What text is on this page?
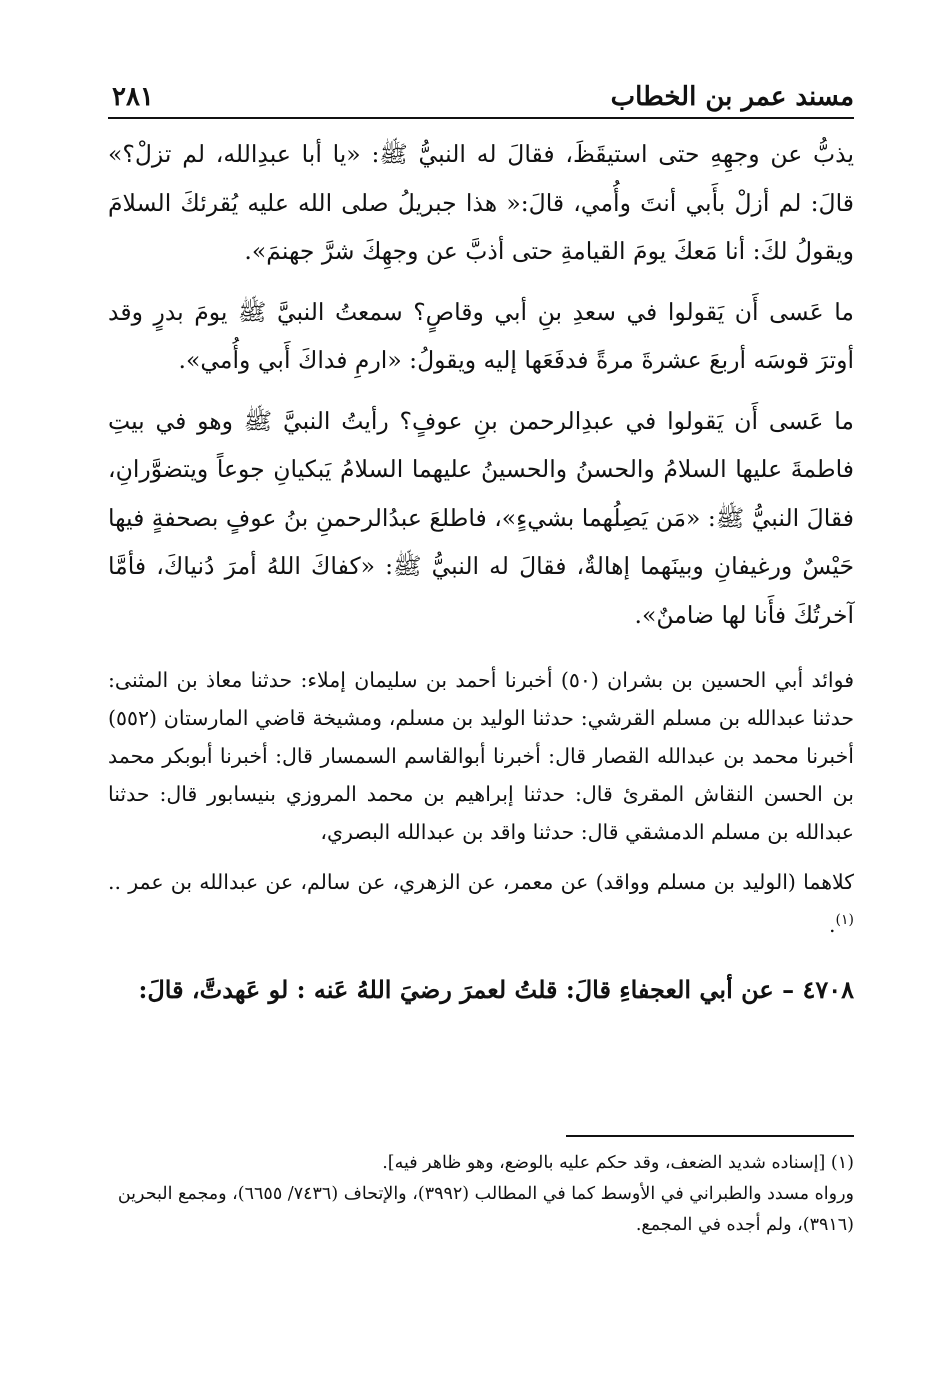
مسند عمر بن الخطاب
٢٨١

يذبُّ عن وجهِهِ حتى استيقَظَ، فقالَ له النبيُّ ﷺ: «يا أبا عبدِالله، لم تزلْ؟» قالَ: لم أزلْ بأَبي أنتَ وأُمي، قالَ:« هذا جبريلُ صلى الله عليه يُقرئكَ السلامَ ويقولُ لكَ: أنا مَعكَ يومَ القيامةِ حتى أذبَّ عن وجهِكَ شرَّ جهنمَ».

ما عَسى أَن يَقولوا في سعدِ بنِ أبي وقاصٍ؟ سمعتُ النبيَّ ﷺ يومَ بدرٍ وقد أوترَ قوسَه أربعَ عشرةَ مرةً فدفَعَها إليه ويقولُ: «ارمِ فداكَ أَبي وأُمي».

ما عَسى أَن يَقولوا في عبدِالرحمن بنِ عوفٍ؟ رأيتُ النبيَّ ﷺ وهو في بيتِ فاطمةَ عليها السلامُ والحسنُ والحسينُ عليهما السلامُ يَبكيانِ جوعاً ويتضوَّرانِ، فقالَ النبيُّ ﷺ: «مَن يَصِلُهما بشيءٍ»، فاطلعَ عبدُالرحمنِ بنُ عوفٍ بصحفةٍ فيها حَيْسٌ ورغيفانِ وبينَهما إهالةٌ، فقالَ له النبيُّ ﷺ: «كفاكَ اللهُ أمرَ دُنياكَ، فأمَّا آخرتُكَ فأَنا لها ضامنٌ».

فوائد أبي الحسين بن بشران (٥٠) أخبرنا أحمد بن سليمان إملاء: حدثنا معاذ بن المثنى: حدثنا عبدالله بن مسلم القرشي: حدثنا الوليد بن مسلم، ومشيخة قاضي المارستان (٥٥٢) أخبرنا محمد بن عبدالله القصار قال: أخبرنا أبوالقاسم السمسار قال: أخبرنا أبوبكر محمد بن الحسن النقاش المقرئ قال: حدثنا إبراهيم بن محمد المروزي بنيسابور قال: حدثنا عبدالله بن مسلم الدمشقي قال: حدثنا واقد بن عبدالله البصري،

كلاهما (الوليد بن مسلم وواقد) عن معمر، عن الزهري، عن سالم، عن عبدالله بن عمر .. $^{(١)}$.

٤٧٠٨ – عن أبي العجفاءِ قالَ: قلتُ لعمرَ رضيَ اللهُ عَنه : لو عَهدتَّ، قالَ:

(١) [إسناده شديد الضعف، وقد حكم عليه بالوضع، وهو ظاهر فيه].

ورواه مسدد والطبراني في الأوسط كما في المطالب (٣٩٩٢)، والإتحاف (٧٤٣٦/ ٦٦٥٥)، ومجمع البحرين (٣٩١٦)، ولم أجده في المجمع.
